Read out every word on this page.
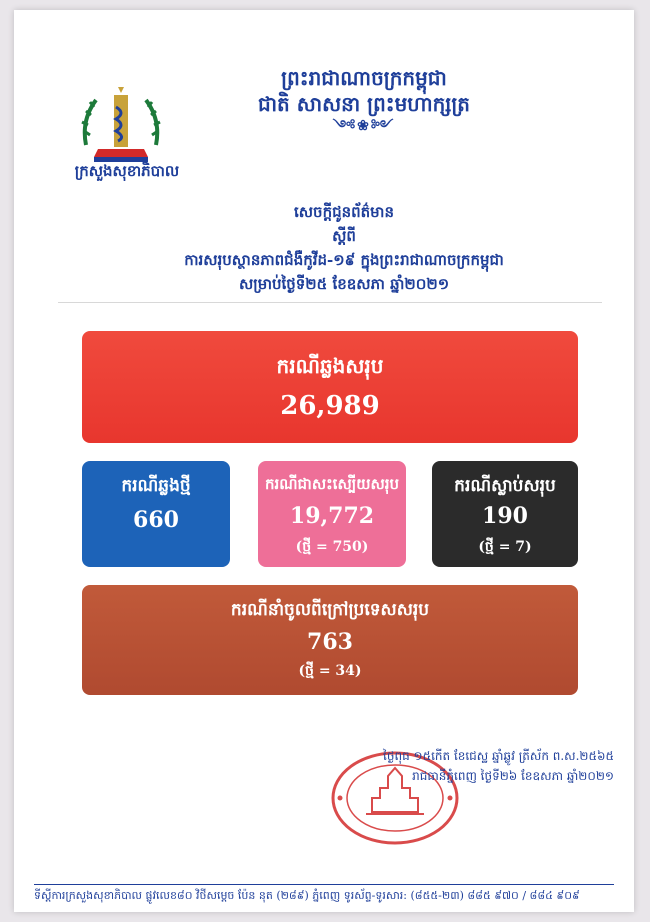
ព្រះរាជាណាចក្រកម្ពុជា
ជាតិ សាសនា ព្រះមហាក្សត្រ
༺❀༻
ក្រសួងសុខាភិបាល
សេចក្តីជូនព័ត៌មាន
ស្តីពី
ការសរុបស្ថានភាពជំងឺកូវីដ-១៩ ក្នុងព្រះរាជាណាចក្រកម្ពុជា
សម្រាប់ថ្ងៃទី២៥ ខែឧសភា ឆ្នាំ២០២១
ករណីឆ្លងសរុប
26,989
ករណីឆ្លងថ្មី
660
ករណីជាសះស្បើយសរុប
19,772
(ថ្មី = 750)
ករណីស្លាប់សរុប
190
(ថ្មី = 7)
ករណីនាំចូលពីក្រៅប្រទេសសរុប
763
(ថ្មី = 34)
ថ្ងៃពុធ ១៥កើត ខែជេស្ឋ ឆ្នាំឆ្លូវ ត្រីស័ក ព.ស.២៥៦៥
រាជធានីភ្នំពេញ ថ្ងៃទី២៦ ខែឧសភា ឆ្នាំ២០២១
ទីស្តីការក្រសួងសុខាភិបាល ផ្លូវលេខ៨០ វិថីសម្តេច ប៉ែន នុត (២៨៩) ភ្នំពេញ ទូរស័ព្ទ-ទូរសារ: (៨៥៥-២៣) ៨៨៥ ៩៧០ / ៨៨៤ ៩០៩
